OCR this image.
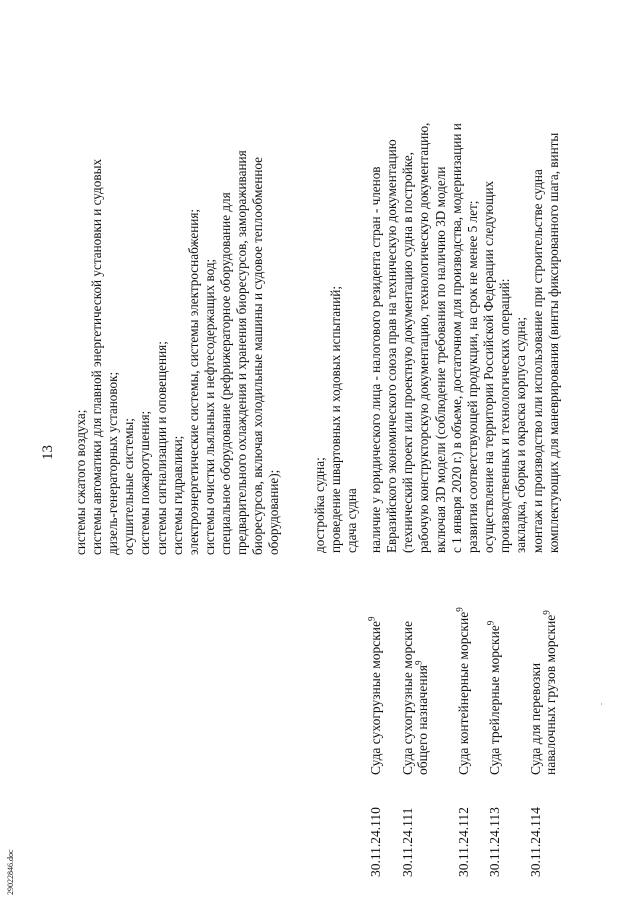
13 системы сжатого воздуха; системы автоматики для главной энергетической установки и судовых дизель-генераторных установок; осушительные системы; системы пожаротушения; системы сигнализации и оповещения; системы гидравлики; электроэнергетические системы, системы электроснабжения; системы очистки льяльных и нефтесодержащих вод; специальное оборудование (рефрижераторное оборудование для предварительного охлаждения и хранения биоресурсов, замораживания биоресурсов, включая холодильные машины и судовое теплообменное оборудование); достройка судна; проведение швартовных и ходовых испытаний; сдача судна наличие у юридического лица - налогового резидента стран - членов Евразийского экономического союза прав на техническую документацию (технический проект или проектную документацию судна в постройке, рабочую конструкторскую документацию, технологическую документацию, включая 3D модели (соблюдение требования по наличию 3D модели с 1 января 2020 г.) в объеме, достаточном для производства, модернизации и развития соответствующей продукции, на срок не менее 5 лет; осуществление на территории Российской Федерации следующих производственных и технологических операций: закладка, сборка и окраска корпуса судна; монтаж и производство или использование при строительстве судна комплектующих для маневрирования (винты фиксированного шага, винты
30.11.24.110
Суда сухогрузные морские$^9$
30.11.24.111
Суда сухогрузные морские общего назначения$^9$
30.11.24.112
Суда контейнерные морские$^9$
30.11.24.113
Суда трейлерные морские$^9$
30.11.24.114
Суда для перевозки навалочных грузов морские$^9$
.
29022846.doc
